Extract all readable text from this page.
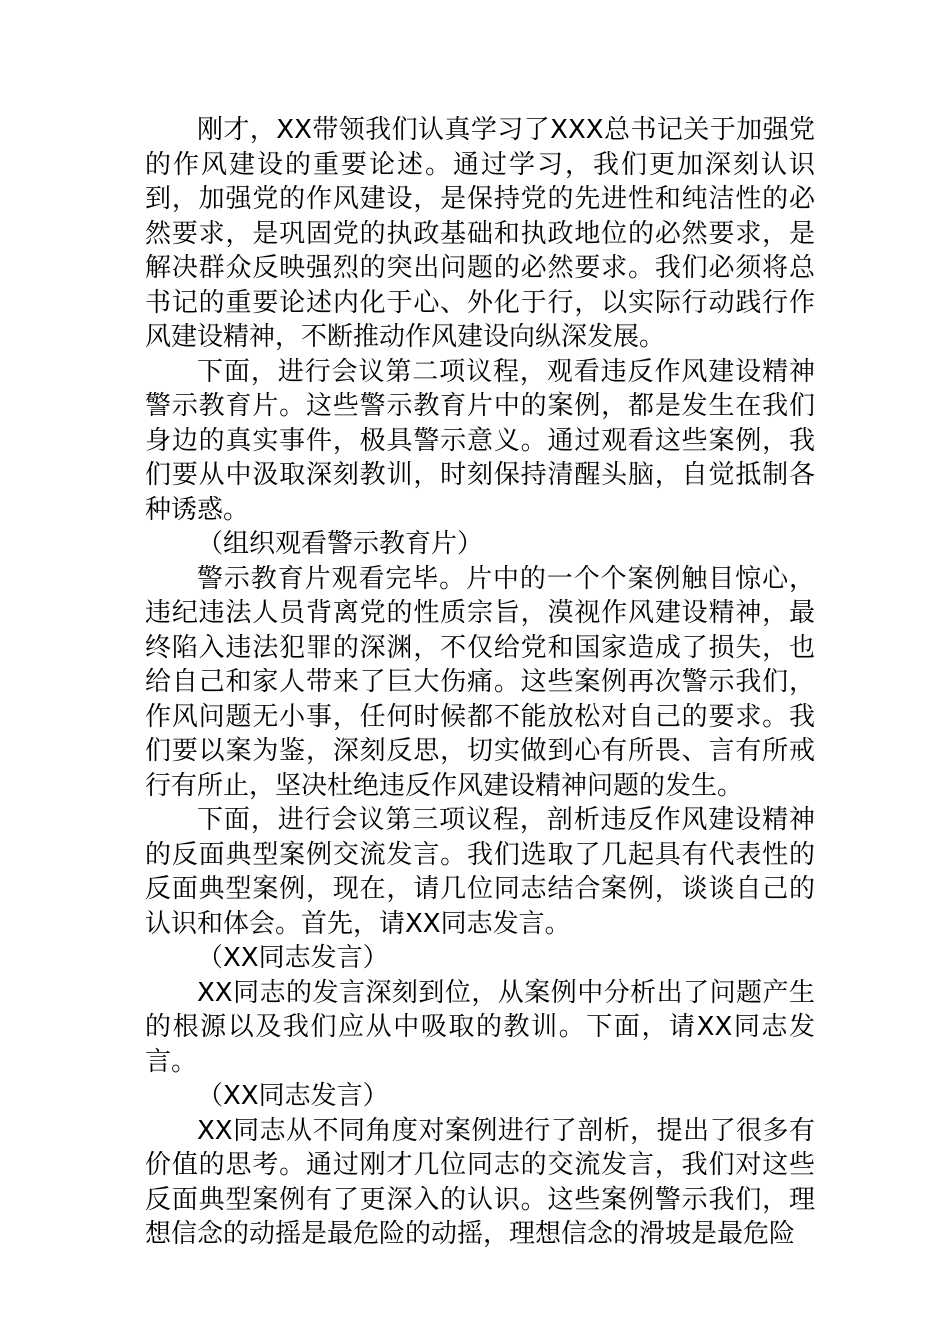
刚才，XX带领我们认真学习了XXX总书记关于加强党的作风建设的重要论述。通过学习，我们更加深刻认识到，加强党的作风建设，是保持党的先进性和纯洁性的必然要求，是巩固党的执政基础和执政地位的必然要求，是解决群众反映强烈的突出问题的必然要求。我们必须将总书记的重要论述内化于心、外化于行，以实际行动践行作风建设精神，不断推动作风建设向纵深发展。

下面，进行会议第二项议程，观看违反作风建设精神警示教育片。这些警示教育片中的案例，都是发生在我们身边的真实事件，极具警示意义。通过观看这些案例，我们要从中汲取深刻教训，时刻保持清醒头脑，自觉抵制各种诱惑。

（组织观看警示教育片）

警示教育片观看完毕。片中的一个个案例触目惊心，违纪违法人员背离党的性质宗旨，漠视作风建设精神，最终陷入违法犯罪的深渊，不仅给党和国家造成了损失，也给自己和家人带来了巨大伤痛。这些案例再次警示我们，作风问题无小事，任何时候都不能放松对自己的要求。我们要以案为鉴，深刻反思，切实做到心有所畏、言有所戒行有所止，坚决杜绝违反作风建设精神问题的发生。

下面，进行会议第三项议程，剖析违反作风建设精神的反面典型案例交流发言。我们选取了几起具有代表性的反面典型案例，现在，请几位同志结合案例，谈谈自己的认识和体会。首先，请XX同志发言。

（XX同志发言）

XX同志的发言深刻到位，从案例中分析出了问题产生的根源以及我们应从中吸取的教训。下面，请XX同志发言。

（XX同志发言）

XX同志从不同角度对案例进行了剖析，提出了很多有价值的思考。通过刚才几位同志的交流发言，我们对这些反面典型案例有了更深入的认识。这些案例警示我们，理想信念的动摇是最危险的动摇，理想信念的滑坡是最危险
